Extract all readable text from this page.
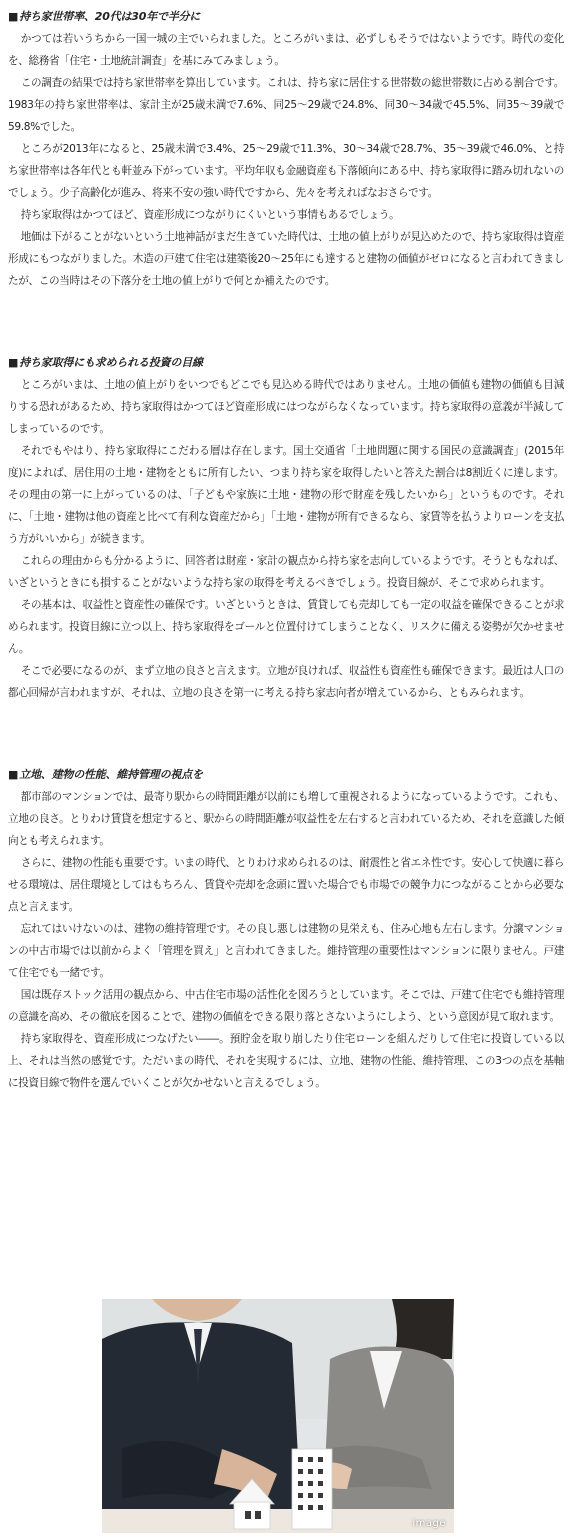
■持ち家世帯率、20代は30年で半分に

かつては若いうちから一国一城の主でいられました。ところがいまは、必ずしもそうではないようです。時代の変化を、総務省「住宅・土地統計調査」を基にみてみましょう。

この調査の結果では持ち家世帯率を算出しています。これは、持ち家に居住する世帯数の総世帯数に占める割合です。1983年の持ち家世帯率は、家計主が25歳未満で7.6%、同25～29歳で24.8%、同30～34歳で45.5%、同35～39歳で59.8%でした。

ところが2013年になると、25歳未満で3.4%、25～29歳で11.3%、30～34歳で28.7%、35～39歳で46.0%、と持ち家世帯率は各年代とも軒並み下がっています。平均年収も金融資産も下落傾向にある中、持ち家取得に踏み切れないのでしょう。少子高齢化が進み、将来不安の強い時代ですから、先々を考えればなおさらです。

持ち家取得はかつてほど、資産形成につながりにくいという事情もあるでしょう。

地価は下がることがないという土地神話がまだ生きていた時代は、土地の値上がりが見込めたので、持ち家取得は資産形成にもつながりました。木造の戸建て住宅は建築後20～25年にも達すると建物の価値がゼロになると言われてきましたが、この当時はその下落分を土地の値上がりで何とか補えたのです。

■持ち家取得にも求められる投資の目線

ところがいまは、土地の値上がりをいつでもどこでも見込める時代ではありません。土地の価値も建物の価値も目減りする恐れがあるため、持ち家取得はかつてほど資産形成にはつながらなくなっています。持ち家取得の意義が半減してしまっているのです。

それでもやはり、持ち家取得にこだわる層は存在します。国土交通省「土地問題に関する国民の意識調査」(2015年度)によれば、居住用の土地・建物をともに所有したい、つまり持ち家を取得したいと答えた割合は8割近くに達します。その理由の第一に上がっているのは、「子どもや家族に土地・建物の形で財産を残したいから」というものです。それに、「土地・建物は他の資産と比べて有利な資産だから」「土地・建物が所有できるなら、家賃等を払うよりローンを支払う方がいいから」が続きます。

これらの理由からも分かるように、回答者は財産・家計の観点から持ち家を志向しているようです。そうともなれば、いざというときにも損することがないような持ち家の取得を考えるべきでしょう。投資目線が、そこで求められます。

その基本は、収益性と資産性の確保です。いざというときは、賃貸しても売却しても一定の収益を確保できることが求められます。投資目線に立つ以上、持ち家取得をゴールと位置付けてしまうことなく、リスクに備える姿勢が欠かせません。

そこで必要になるのが、まず立地の良さと言えます。立地が良ければ、収益性も資産性も確保できます。最近は人口の都心回帰が言われますが、それは、立地の良さを第一に考える持ち家志向者が増えているから、ともみられます。

■立地、建物の性能、維持管理の視点を

都市部のマンションでは、最寄り駅からの時間距離が以前にも増して重視されるようになっているようです。これも、立地の良さ。とりわけ賃貸を想定すると、駅からの時間距離が収益性を左右すると言われているため、それを意識した傾向とも考えられます。

さらに、建物の性能も重要です。いまの時代、とりわけ求められるのは、耐震性と省エネ性です。安心して快適に暮らせる環境は、居住環境としてはもちろん、賃貸や売却を念頭に置いた場合でも市場での競争力につながることから必要な点と言えます。

忘れてはいけないのは、建物の維持管理です。その良し悪しは建物の見栄えも、住み心地も左右します。分譲マンションの中古市場では以前からよく「管理を買え」と言われてきました。維持管理の重要性はマンションに限りません。戸建て住宅でも一緒です。

国は既存ストック活用の観点から、中古住宅市場の活性化を図ろうとしています。そこでは、戸建て住宅でも維持管理の意識を高め、その徹底を図ることで、建物の価値をできる限り落とさないようにしよう、という意図が見て取れます。

持ち家取得を、資産形成につなげたい――。預貯金を取り崩したり住宅ローンを組んだりして住宅に投資している以上、それは当然の感覚です。ただいまの時代、それを実現するには、立地、建物の性能、維持管理、この3つの点を基軸に投資目線で物件を選んでいくことが欠かせないと言えるでしょう。

image
